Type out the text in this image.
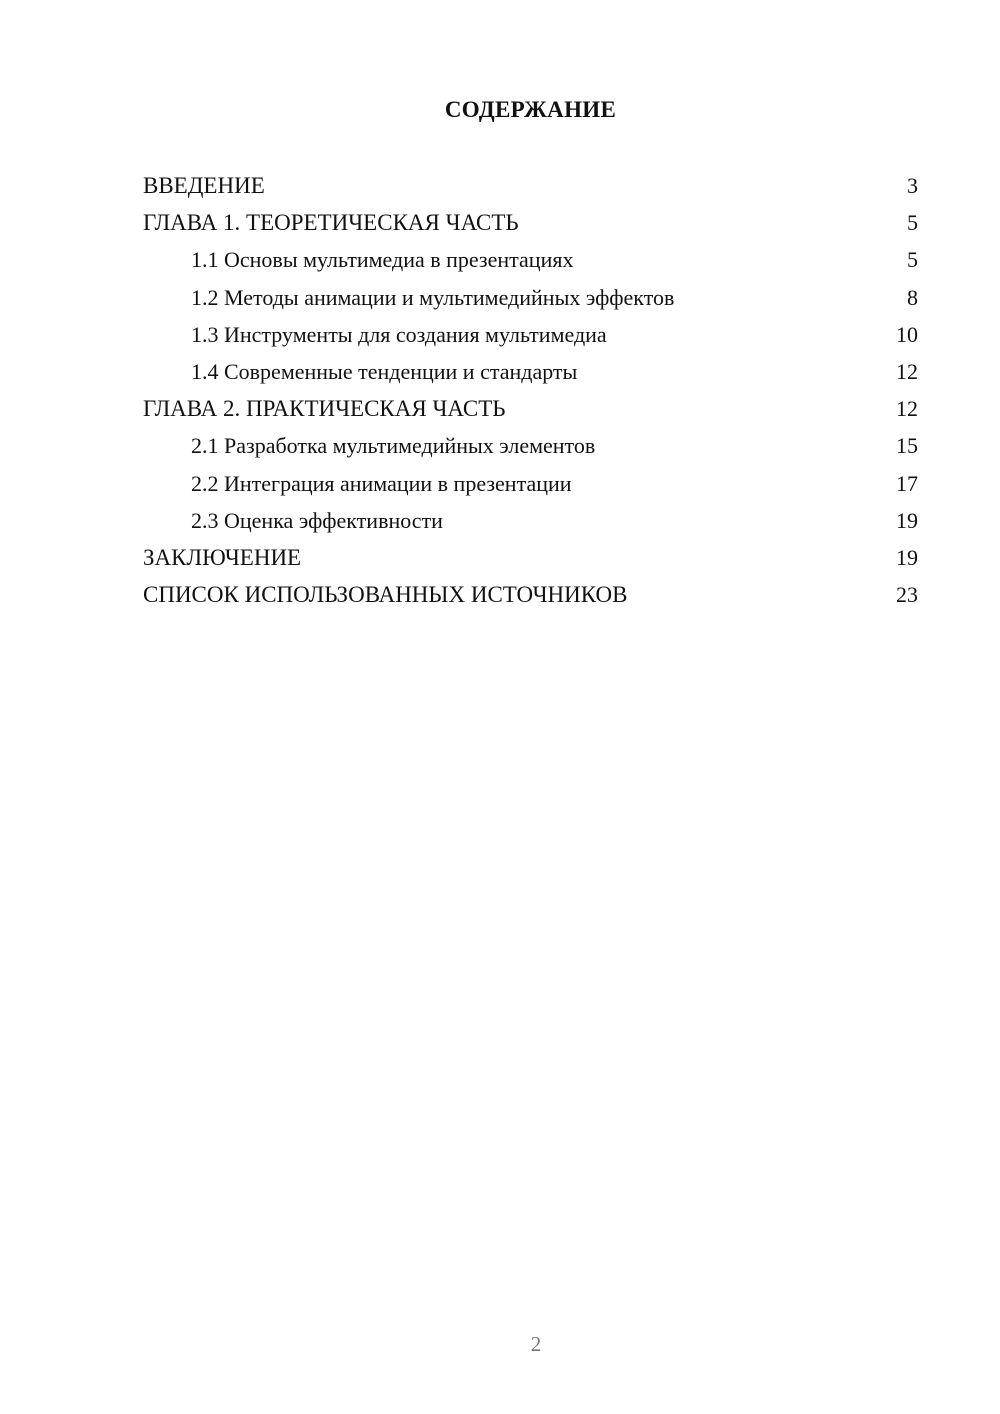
СОДЕРЖАНИЕ
ВВЕДЕНИЕ	3
ГЛАВА 1. ТЕОРЕТИЧЕСКАЯ ЧАСТЬ	5
1.1 Основы мультимедиа в презентациях	5
1.2 Методы анимации и мультимедийных эффектов	8
1.3 Инструменты для создания мультимедиа	10
1.4 Современные тенденции и стандарты	12
ГЛАВА 2. ПРАКТИЧЕСКАЯ ЧАСТЬ	12
2.1 Разработка мультимедийных элементов	15
2.2 Интеграция анимации в презентации	17
2.3 Оценка эффективности	19
ЗАКЛЮЧЕНИЕ	19
СПИСОК ИСПОЛЬЗОВАННЫХ ИСТОЧНИКОВ	23
2
